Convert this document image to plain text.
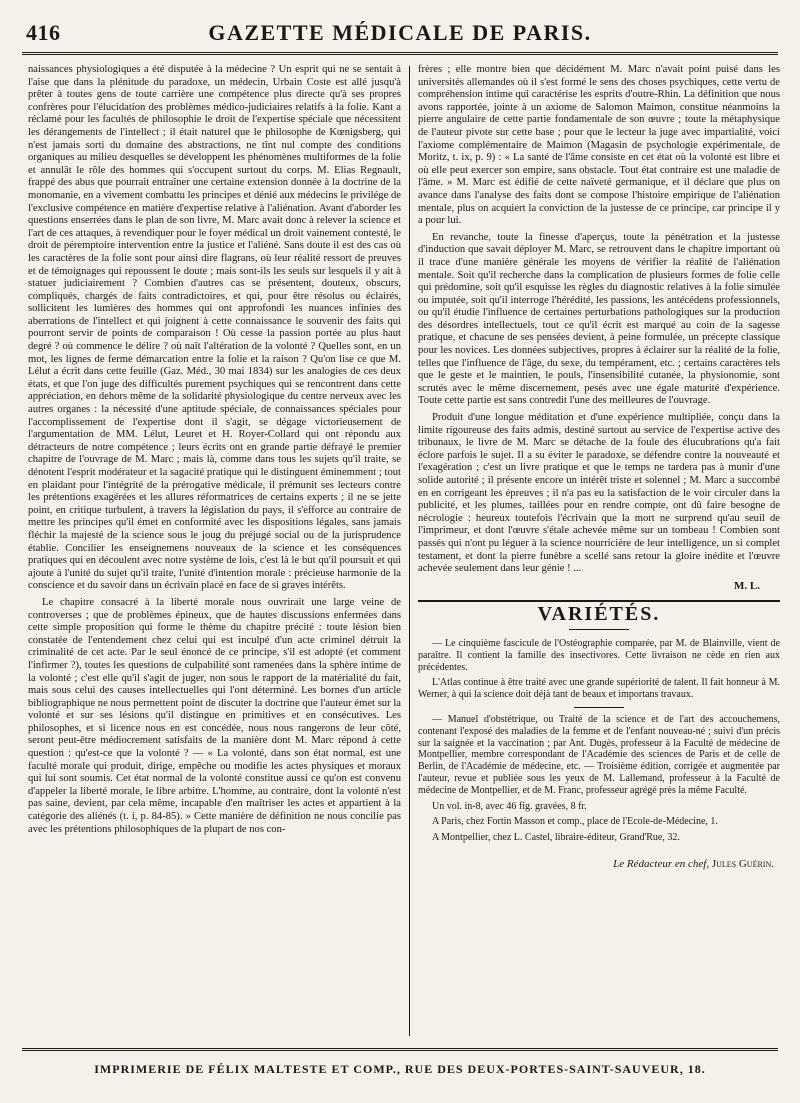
416	GAZETTE MÉDICALE DE PARIS.

naissances physiologiques a été disputée à la médecine ? Un esprit qui ne se sentait à l'aise que dans la plénitude du paradoxe, un médecin, Urbain Coste est allé jusqu'à prêter à toutes gens de toute carrière une compétence plus directe qu'à ses propres confrères pour l'élucidation des problèmes médico-judiciaires relatifs à la folie. Kant a réclamé pour les facultés de philosophie le droit de l'expertise spéciale que nécessitent les dérangements de l'intellect ; il était naturel que le philosophe de Kœnigsberg, qui n'est jamais sorti du domaine des abstractions, ne tînt nul compte des conditions organiques au milieu desquelles se développent les phénomènes multiformes de la folie et annulât le rôle des hommes qui s'occupent surtout du corps. M. Elias Regnault, frappé des abus que pourrait entraîner une certaine extension donnée à la doctrine de la monomanie, en a vivement combattu les principes et dénié aux médecins le privilége de l'exclusive compétence en matière d'expertise relative à l'aliénation. Avant d'aborder les questions enserrées dans le plan de son livre, M. Marc avait donc à relever la science et l'art de ces attaques, à revendiquer pour le foyer médical un droit vainement contesté, le droit de péremptoire intervention entre la justice et l'aliéné. Sans doute il est des cas où les caractères de la folie sont pour ainsi dire flagrans, où leur réalité ressort de preuves et de témoignages qui repoussent le doute ; mais sont-ils les seuls sur lesquels il y ait à statuer judiciairement ? Combien d'autres cas se présentent, douteux, obscurs, compliqués, chargés de faits contradictoires, et qui, pour être résolus ou éclairés, sollicitent les lumières des hommes qui ont approfondi les nuances infinies des aberrations de l'intellect et qui joignent à cette connaissance le souvenir des faits qui pourront servir de points de comparaison ! Où cesse la passion portée au plus haut degré ? où commence le délire ? où naît l'altération de la volonté ? Quelles sont, en un mot, les lignes de ferme démarcation entre la folie et la raison ? Qu'on lise ce que M. Lélut a écrit dans cette feuille (Gaz. Méd., 30 mai 1834) sur les analogies de ces deux états, et que l'on juge des difficultés purement psychiques qui se rencontrent dans cette appréciation, en dehors même de la solidarité physiologique du centre nerveux avec les autres organes : la nécessité d'une aptitude spéciale, de connaissances spéciales pour l'accomplissement de l'expertise dont il s'agit, se dégage victorieusement de l'argumentation de MM. Lélut, Leuret et H. Royer-Collard qui ont répondu aux détracteurs de notre compétence ; leurs écrits ont en grande partie défrayé le premier chapitre de l'ouvrage de M. Marc ; mais là, comme dans tous les sujets qu'il traite, se dénotent l'esprit modérateur et la sagacité pratique qui le distinguent éminemment ; tout en plaidant pour l'intégrité de la prérogative médicale, il prémunit ses lecteurs contre les prétentions exagérées et les allures réformatrices de certains experts ; il ne se jette point, en critique turbulent, à travers la législation du pays, il s'efforce au contraire de mettre les principes qu'il émet en conformité avec les dispositions légales, sans jamais fléchir la majesté de la science sous le joug du préjugé social ou de la jurisprudence établie. Concilier les enseignemens nouveaux de la science et les conséquences pratiques qui en découlent avec notre système de lois, c'est là le but qu'il poursuit et qui ajoute à l'unité du sujet qu'il traite, l'unité d'intention morale : précieuse harmonie de la conscience et du savoir dans un écrivain placé en face de si graves intérêts.

Le chapitre consacré à la liberté morale nous ouvrirait une large veine de controverses ; que de problèmes épineux, que de hautes discussions enfermées dans cette simple proposition qui forme le thème du chapitre précité : toute lésion bien constatée de l'entendement chez celui qui est inculpé d'un acte criminel détruit la criminalité de cet acte. Par le seul énoncé de ce principe, s'il est adopté (et comment l'infirmer ?), toutes les questions de culpabilité sont ramenées dans la sphère intime de la volonté ; c'est elle qu'il s'agit de juger, non sous le rapport de la matérialité du fait, mais sous celui des causes intellectuelles qui l'ont déterminé. Les bornes d'un article bibliographique ne nous permettent point de discuter la doctrine que l'auteur émet sur la volonté et sur ses lésions qu'il distingue en primitives et en consécutives. Les philosophes, et si licence nous en est concédée, nous nous rangerons de leur côté, seront peut-être médiocrement satisfaits de la manière dont M. Marc répond à cette question : qu'est-ce que la volonté ? — « La volonté, dans son état normal, est une faculté morale qui produit, dirige, empêche ou modifie les actes physiques et moraux qui lui sont soumis. Cet état normal de la volonté constitue aussi ce qu'on est convenu d'appeler la liberté morale, le libre arbitre. L'homme, au contraire, dont la volonté n'est pas saine, devient, par cela même, incapable d'en maîtriser les actes et appartient à la catégorie des aliénés (t. i, p. 84-85). » Cette manière de définition ne nous concilie pas avec les prétentions philosophiques de la plupart de nos con-

frères ; elle montre bien que décidément M. Marc n'avait point puisé dans les universités allemandes où il s'est formé le sens des choses psychiques, cette vertu de compréhension intime qui caractérise les esprits d'outre-Rhin. La définition que nous avons rapportée, jointe à un axiome de Salomon Maimon, constitue néanmoins la pierre angulaire de cette partie fondamentale de son œuvre ; toute la métaphysique de l'auteur pivote sur cette base ; pour que le lecteur la juge avec impartialité, voici l'axiome complémentaire de Maimon (Magasin de psychologie expérimentale, de Moritz, t. ix, p. 9) : « La santé de l'âme consiste en cet état où la volonté est libre et où elle peut exercer son empire, sans obstacle. Tout état contraire est une maladie de l'âme. » M. Marc est édifié de cette naïveté germanique, et il déclare que plus on avance dans l'analyse des faits dont se compose l'histoire empirique de l'aliénation mentale, plus on acquiert la conviction de la justesse de ce principe, car principe il y a pour lui.

En revanche, toute la finesse d'aperçus, toute la pénétration et la justesse d'induction que savait déployer M. Marc, se retrouvent dans le chapitre important où il trace d'une manière générale les moyens de vérifier la réalité de l'aliénation mentale. Soit qu'il recherche dans la complication de plusieurs formes de folie celle qui prédomine, soit qu'il esquisse les règles du diagnostic relatives à la folie simulée ou imputée, soit qu'il interroge l'hérédité, les passions, les antécédens professionnels, ou qu'il étudie l'influence de certaines perturbations pathologiques sur la production des désordres intellectuels, tout ce qu'il écrit est marqué au coin de la sagesse pratique, et chacune de ses pensées devient, à peine formulée, un précepte classique pour les novices. Les données subjectives, propres à éclairer sur la réalité de la folie, telles que l'influence de l'âge, du sexe, du tempérament, etc. ; certains caractères tels que le geste et le maintien, le pouls, l'insensibilité cutanée, la physionomie, sont scrutés avec le même discernement, pesés avec une égale maturité d'expérience. Toute cette partie est sans contredit l'une des meilleures de l'ouvrage.

Produit d'une longue méditation et d'une expérience multipliée, conçu dans la limite rigoureuse des faits admis, destiné surtout au service de l'expertise active des tribunaux, le livre de M. Marc se détache de la foule des élucubrations qu'a fait éclore parfois le sujet. Il a su éviter le paradoxe, se défendre contre la nouveauté et l'exagération ; c'est un livre pratique et que le temps ne tardera pas à munir d'une solide autorité ; il présente encore un intérêt triste et solennel ; M. Marc a succombé en en corrigeant les épreuves ; il n'a pas eu la satisfaction de le voir circuler dans la publicité, et les plumes, taillées pour en rendre compte, ont dû faire besogne de nécrologie : heureux toutefois l'écrivain que la mort ne surprend qu'au seuil de l'imprimeur, et dont l'œuvre s'étale achevée même sur un tombeau ! Combien sont passés qui n'ont pu léguer à la science nourricière de leur intelligence, un si complet testament, et dont la pierre funèbre a scellé sans retour la gloire inédite et l'œuvre achevée seulement dans leur génie ! ...

M. L.
VARIÉTÉS.

— Le cinquième fascicule de l'Ostéographie comparée, par M. de Blainville, vient de paraître. Il contient la famille des insectivores. Cette livraison ne cède en rien aux précédentes.

L'Atlas continue à être traité avec une grande supériorité de talent. Il fait honneur à M. Werner, à qui la science doit déjà tant de beaux et importans travaux.

— Manuel d'obstétrique, ou Traité de la science et de l'art des accouchemens, contenant l'exposé des maladies de la femme et de l'enfant nouveau-né ; suivi d'un précis sur la saignée et la vaccination ; par Ant. Dugès, professeur à la Faculté de médecine de Montpellier, membre correspondant de l'Académie des sciences de Paris et de celle de Berlin, de l'Académie de médecine, etc. — Troisième édition, corrigée et augmentée par l'auteur, revue et publiée sous les yeux de M. Lallemand, professeur à la Faculté de médecine de Montpellier, et de M. Franc, professeur agrégé près la même Faculté.

Un vol. in-8, avec 46 fig. gravées, 8 fr.

A Paris, chez Fortin Masson et comp., place de l'Ecole-de-Médecine, 1.

A Montpellier, chez L. Castel, libraire-éditeur, Grand'Rue, 32.

Le Rédacteur en chef, Jules Guérin.
IMPRIMERIE DE FÉLIX MALTESTE ET COMP., RUE DES DEUX-PORTES-SAINT-SAUVEUR, 18.
